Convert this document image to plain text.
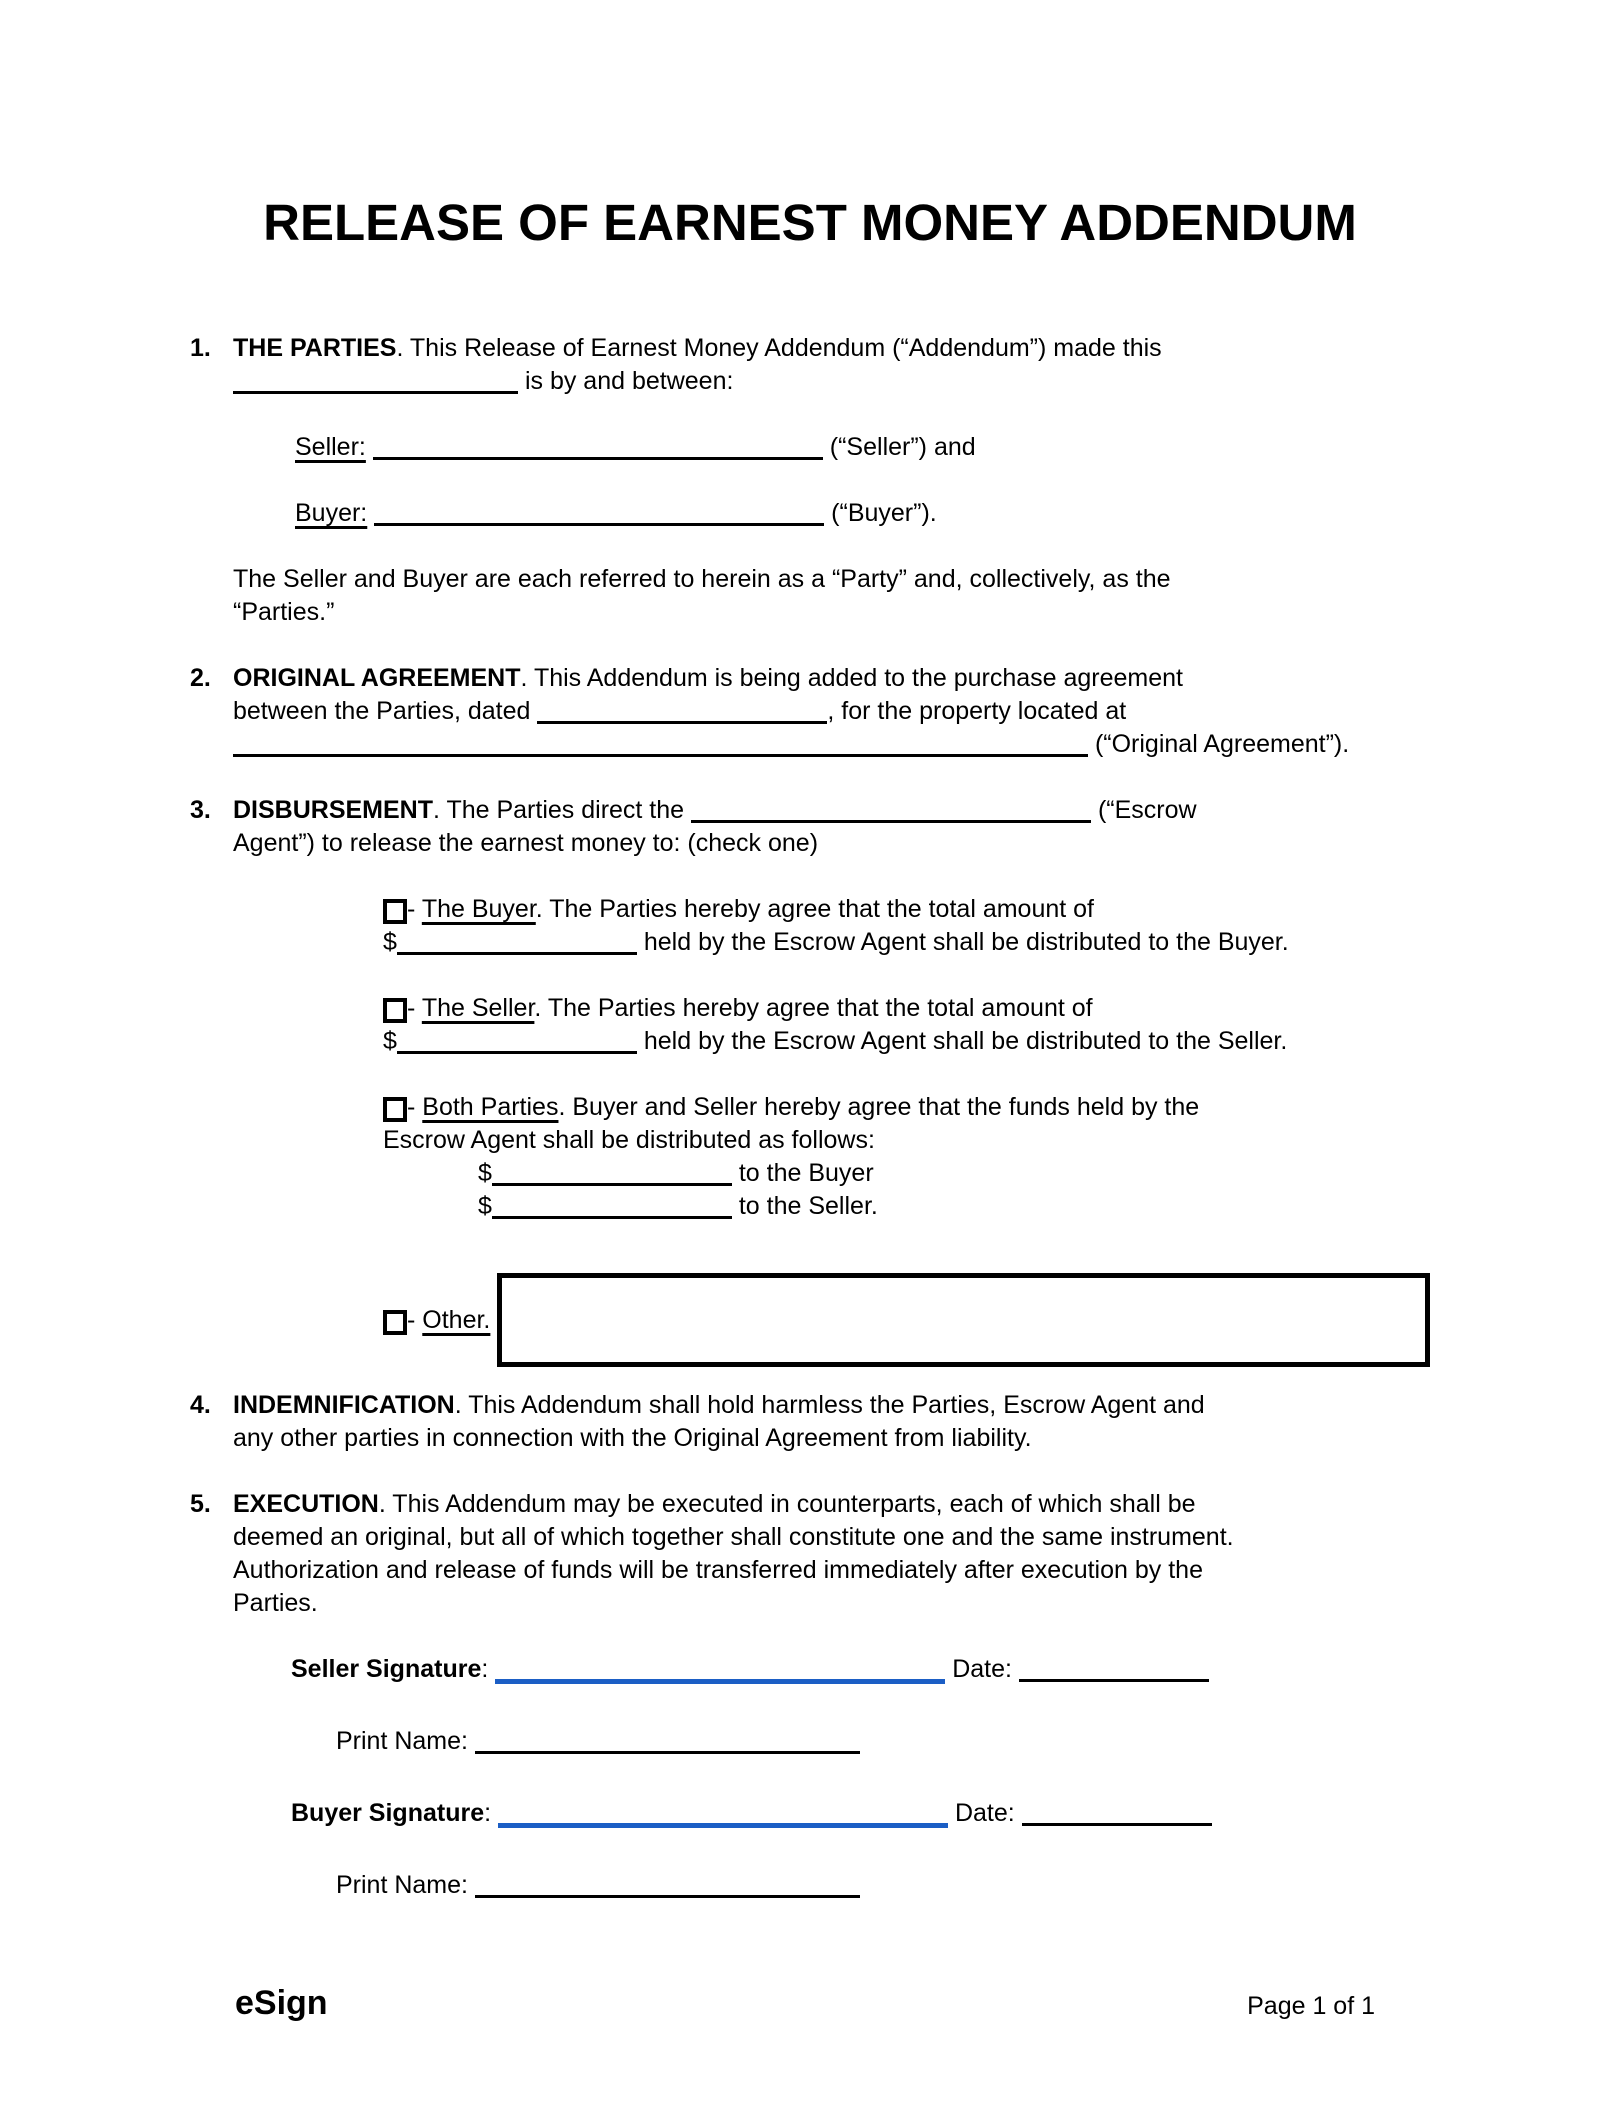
RELEASE OF EARNEST MONEY ADDENDUM
1. THE PARTIES. This Release of Earnest Money Addendum (“Addendum”) made this
is by and between:
Seller:	(“Seller”) and
Buyer:	(“Buyer”).
The Seller and Buyer are each referred to herein as a “Party” and, collectively, as the
“Parties.”
2. ORIGINAL AGREEMENT. This Addendum is being added to the purchase agreement
between the Parties, dated	, for the property located at
(“Original Agreement”).
3. DISBURSEMENT. The Parties direct the	(“Escrow
Agent”) to release the earnest money to: (check one)
- The Buyer. The Parties hereby agree that the total amount of
$	held by the Escrow Agent shall be distributed to the Buyer.
- The Seller. The Parties hereby agree that the total amount of
$	held by the Escrow Agent shall be distributed to the Seller.
- Both Parties. Buyer and Seller hereby agree that the funds held by the
Escrow Agent shall be distributed as follows:
$	to the Buyer
$	to the Seller.
- Other.
4. INDEMNIFICATION. This Addendum shall hold harmless the Parties, Escrow Agent and
any other parties in connection with the Original Agreement from liability.
5. EXECUTION. This Addendum may be executed in counterparts, each of which shall be
deemed an original, but all of which together shall constitute one and the same instrument.
Authorization and release of funds will be transferred immediately after execution by the
Parties.
Seller Signature:	Date:
Print Name:
Buyer Signature:	Date:
Print Name:
eSign	Page 1 of 1
